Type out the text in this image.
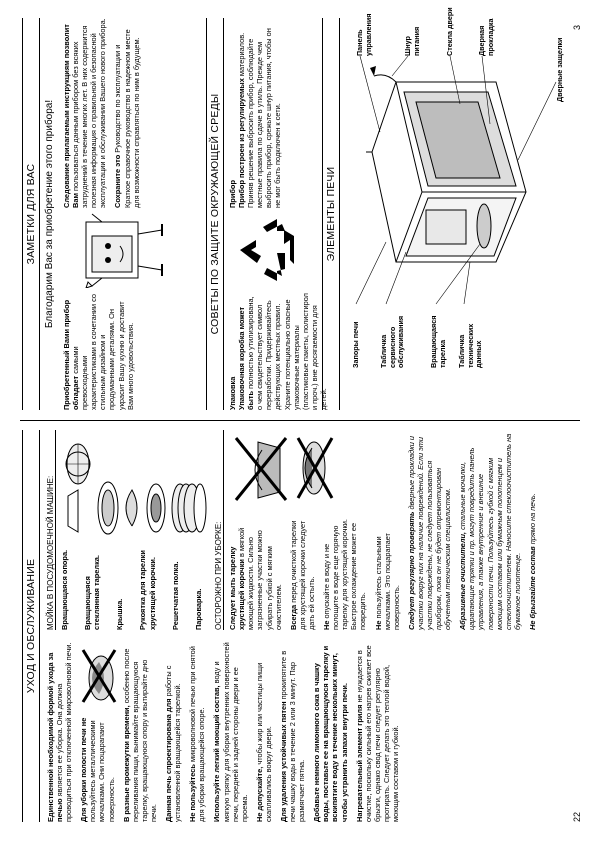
22
УХОД И ОБСЛУЖИВАНИЕ

Единственной необходимой формой ухода за печью является ее уборка. Она должна проводиться при отключенной микроволновой печи. Для уборки полости печи не пользуйтесь металлическими мочалками. Они поцарапают поверхность. В разные промежутки времени, особенно после переливания пищи, вынимайте вращающуюся тарелку, вращающуюся опору и вытирайте дно печи. Данная печь спроектирована для работы с установленной вращающейся тарелкой. Не пользуйтесь микроволновой печью при снятой для уборки вращающейся опоре. Используйте легкий моющий состав, воду и мягкую тряпку для уборки внутренних поверхностей печи, передней и задней стороны двери и ее проема. Не допускайте, чтобы жир или частицы пищи скапливались вокруг двери. Для удаления устойчивых пятен прокипятите в печи чашку воды в течение 2 или 3 минут. Пар размягчает пятна. Добавьте немного лимонного сока в чашку воды, поставьте ее на вращающуюся тарелку и вскипятите воду в течение нескольких минут, чтобы устранить запахи внутри печи. Нагревательный элемент гриля не нуждается в очистке, поскольку сильный его нагрев сжигает все брызги, однако свод печи следует регулярно протирать. Следует делать это теплой водой, моющим составом и губкой.

МОЙКА В ПОСУДОМОЕЧНОЙ МАШИНЕ: Вращающаяся опора. Вращающаяся стеклянная тарелка. Крышка. Рукоятка для тарелки хрустящей корочки. Решетчатая полка. Пароварка. ОСТОРОЖНО ПРИ УБОРКЕ: Следует мыть тарелку хрустящей корочки в мягкой моющей жидкости. Сильно загрязненные участки можно убирать губкой с мягким очистителем. Всегда перед очисткой тарелки для хрустящей корочки следует дать ей остыть. Не опускайте в воду и не полощите в воде еще горячую тарелку для хрустящей корочки. Быстрое охлаждение может ее повредить. Не пользуйтесь стальными мочалками. Это поцарапает поверхность. Следует регулярно проверять дверные прокладки и участки вокруг них на наличие повреждений. Если эти участки повреждены, не следует пользоваться прибором, пока он не будет отремонтирован обученным техническим специалистом. Абразивные очистители, стальные мочалки, царапающие тряпки и пр. могут повредить панель управления, а также внутренние и внешние поверхности печи. Пользуйтесь губкой с мягким моющим составом или бумажным полотенцем и стеклоочистителем. Наносите стеклоочиститель на бумажное полотенце. Не брызгайте состав прямо на печь.

3
ЗАМЕТКИ ДЛЯ ВАС Благодарим Вас за приобретение этого прибора!

Приобретенный Вами прибор обладает самыми превосходными характеристиками в сочетании со стильным дизайном и продуманными деталями. Он украсит Вашу кухню и доставит Вам много удовольствия.

Следование прилагаемым инструкциям позволит Вам пользоваться данным прибором без всяких затруднений в течение многих лет. В них содержится полезная информация о правильной и безопасной эксплуатации и обслуживании Вашего нового прибора. Сохраните это Руководство по эксплуатации и Краткое справочное руководство в надежном месте для возможности справляться по ним в будущем.	СОВЕТЫ ПО ЗАЩИТЕ ОКРУЖАЮЩЕЙ СРЕДЫ

Упаковка Упаковочная коробка может быть полностью утилизирована, о чем свидетельствует символ переработки. Придерживайтесь действующих местных правил. Храните потенциально опасные упаковочные материалы (пластиковые пакеты, полистирол и проч.) вне досягаемости для детей.

Прибор Прибор построен из регулируемых материалов. Приняв решение выбросить прибор, соблюдайте местные правила по сдаче в утиль. Прежде чем выбросить прибор, срежьте шнур питания, чтобы он не мог быть подключен к сети.

ЭЛЕМЕНТЫ ПЕЧИ
Запоры печи	Табличка сервисного обслуживания	Вращающаяся тарелка Табличка технических данных
Панель управления	Шнур питания	Стекла двери	Дверная прокладка
Дверные защелки
